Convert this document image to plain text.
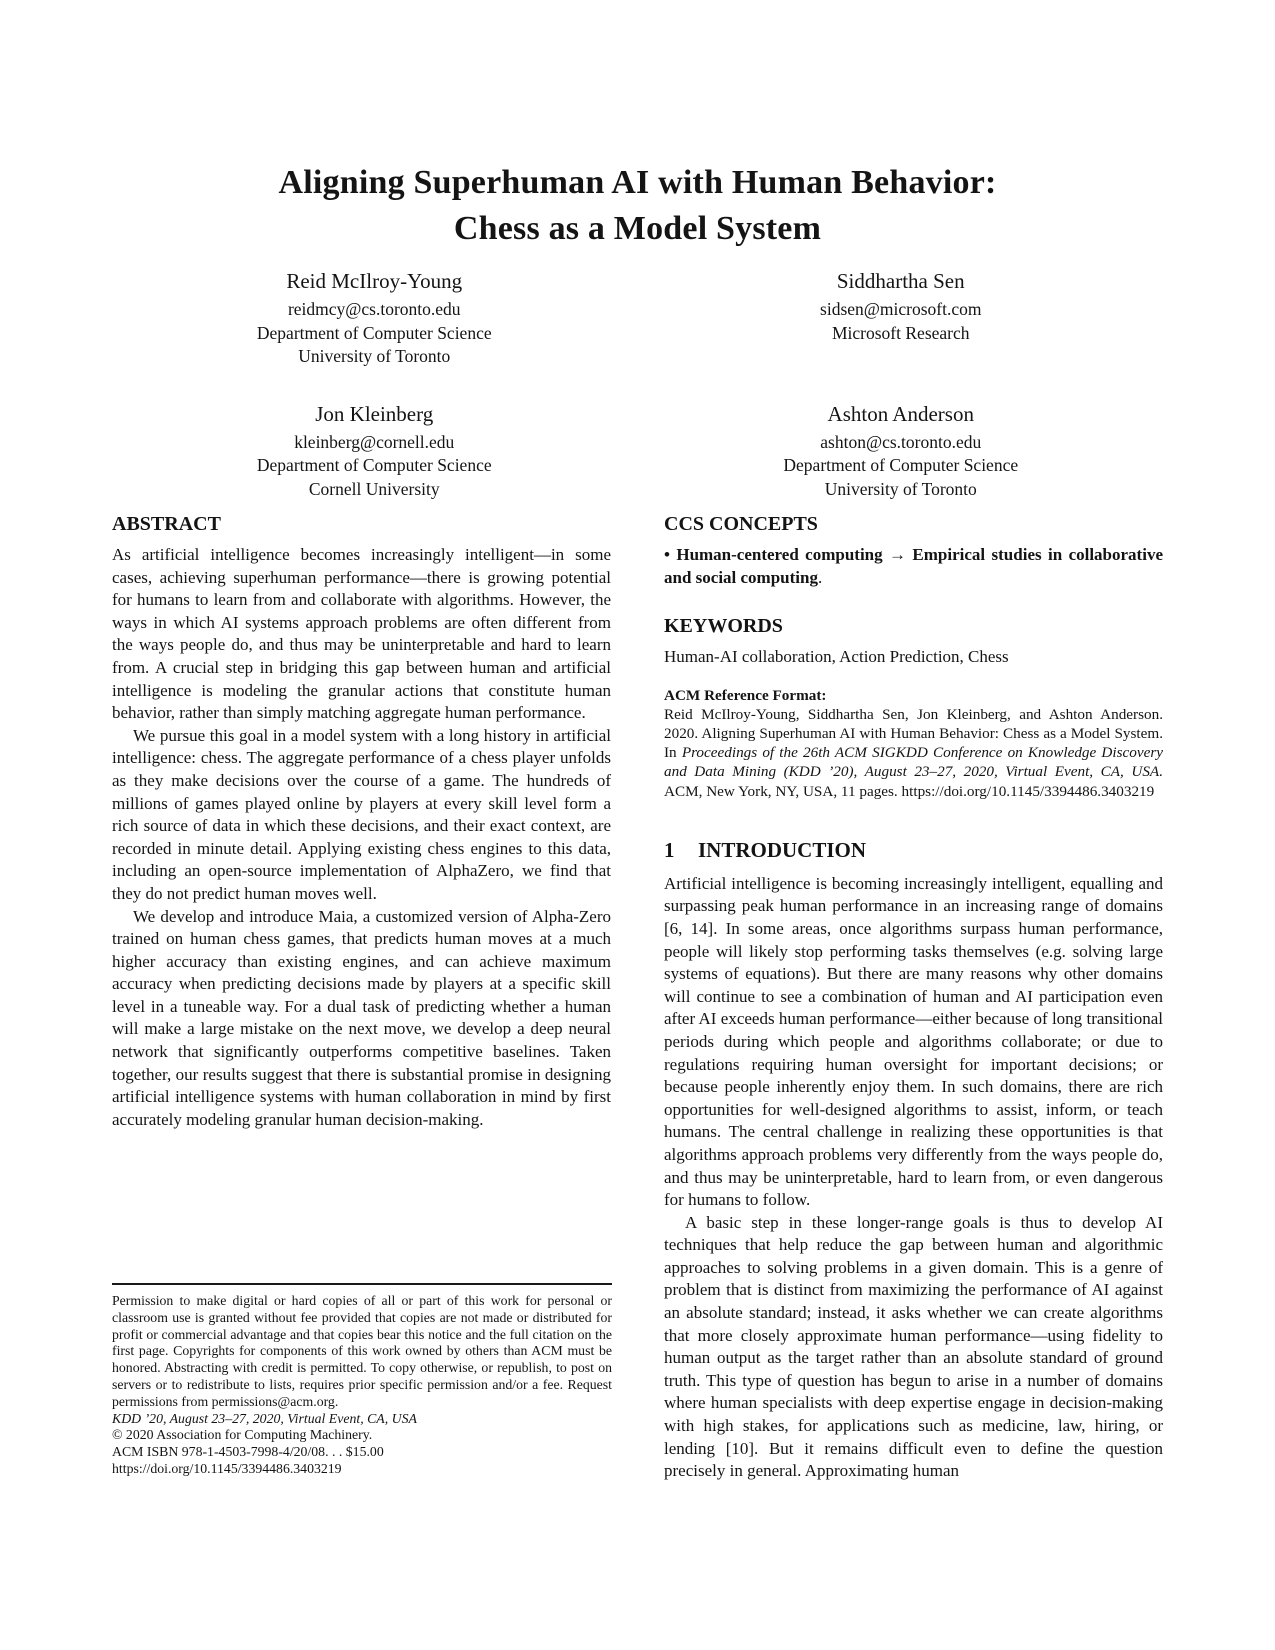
Aligning Superhuman AI with Human Behavior:
Chess as a Model System
Reid McIlroy-Young
reidmcy@cs.toronto.edu
Department of Computer Science
University of Toronto
Siddhartha Sen
sidsen@microsoft.com
Microsoft Research
Jon Kleinberg
kleinberg@cornell.edu
Department of Computer Science
Cornell University
Ashton Anderson
ashton@cs.toronto.edu
Department of Computer Science
University of Toronto
ABSTRACT

As artificial intelligence becomes increasingly intelligent—in some cases, achieving superhuman performance—there is growing potential for humans to learn from and collaborate with algorithms. However, the ways in which AI systems approach problems are often different from the ways people do, and thus may be uninterpretable and hard to learn from. A crucial step in bridging this gap between human and artificial intelligence is modeling the granular actions that constitute human behavior, rather than simply matching aggregate human performance.

We pursue this goal in a model system with a long history in artificial intelligence: chess. The aggregate performance of a chess player unfolds as they make decisions over the course of a game. The hundreds of millions of games played online by players at every skill level form a rich source of data in which these decisions, and their exact context, are recorded in minute detail. Applying existing chess engines to this data, including an open-source implementation of AlphaZero, we find that they do not predict human moves well.

We develop and introduce Maia, a customized version of Alpha-Zero trained on human chess games, that predicts human moves at a much higher accuracy than existing engines, and can achieve maximum accuracy when predicting decisions made by players at a specific skill level in a tuneable way. For a dual task of predicting whether a human will make a large mistake on the next move, we develop a deep neural network that significantly outperforms competitive baselines. Taken together, our results suggest that there is substantial promise in designing artificial intelligence systems with human collaboration in mind by first accurately modeling granular human decision-making.

CCS CONCEPTS

• Human-centered computing → Empirical studies in collaborative and social computing.

KEYWORDS

Human-AI collaboration, Action Prediction, Chess

ACM Reference Format:

Reid McIlroy-Young, Siddhartha Sen, Jon Kleinberg, and Ashton Anderson. 2020. Aligning Superhuman AI with Human Behavior: Chess as a Model System. In Proceedings of the 26th ACM SIGKDD Conference on Knowledge Discovery and Data Mining (KDD ’20), August 23–27, 2020, Virtual Event, CA, USA. ACM, New York, NY, USA, 11 pages. https://doi.org/10.1145/3394486.3403219

1 INTRODUCTION

Artificial intelligence is becoming increasingly intelligent, equalling and surpassing peak human performance in an increasing range of domains [6, 14]. In some areas, once algorithms surpass human performance, people will likely stop performing tasks themselves (e.g. solving large systems of equations). But there are many reasons why other domains will continue to see a combination of human and AI participation even after AI exceeds human performance—either because of long transitional periods during which people and algorithms collaborate; or due to regulations requiring human oversight for important decisions; or because people inherently enjoy them. In such domains, there are rich opportunities for well-designed algorithms to assist, inform, or teach humans. The central challenge in realizing these opportunities is that algorithms approach problems very differently from the ways people do, and thus may be uninterpretable, hard to learn from, or even dangerous for humans to follow.

A basic step in these longer-range goals is thus to develop AI techniques that help reduce the gap between human and algorithmic approaches to solving problems in a given domain. This is a genre of problem that is distinct from maximizing the performance of AI against an absolute standard; instead, it asks whether we can create algorithms that more closely approximate human performance—using fidelity to human output as the target rather than an absolute standard of ground truth. This type of question has begun to arise in a number of domains where human specialists with deep expertise engage in decision-making with high stakes, for applications such as medicine, law, hiring, or lending [10]. But it remains difficult even to define the question precisely in general. Approximating human

Permission to make digital or hard copies of all or part of this work for personal or classroom use is granted without fee provided that copies are not made or distributed for profit or commercial advantage and that copies bear this notice and the full citation on the first page. Copyrights for components of this work owned by others than ACM must be honored. Abstracting with credit is permitted. To copy otherwise, or republish, to post on servers or to redistribute to lists, requires prior specific permission and/or a fee. Request permissions from permissions@acm.org.

KDD ’20, August 23–27, 2020, Virtual Event, CA, USA

© 2020 Association for Computing Machinery.

ACM ISBN 978-1-4503-7998-4/20/08. . . $15.00

https://doi.org/10.1145/3394486.3403219
